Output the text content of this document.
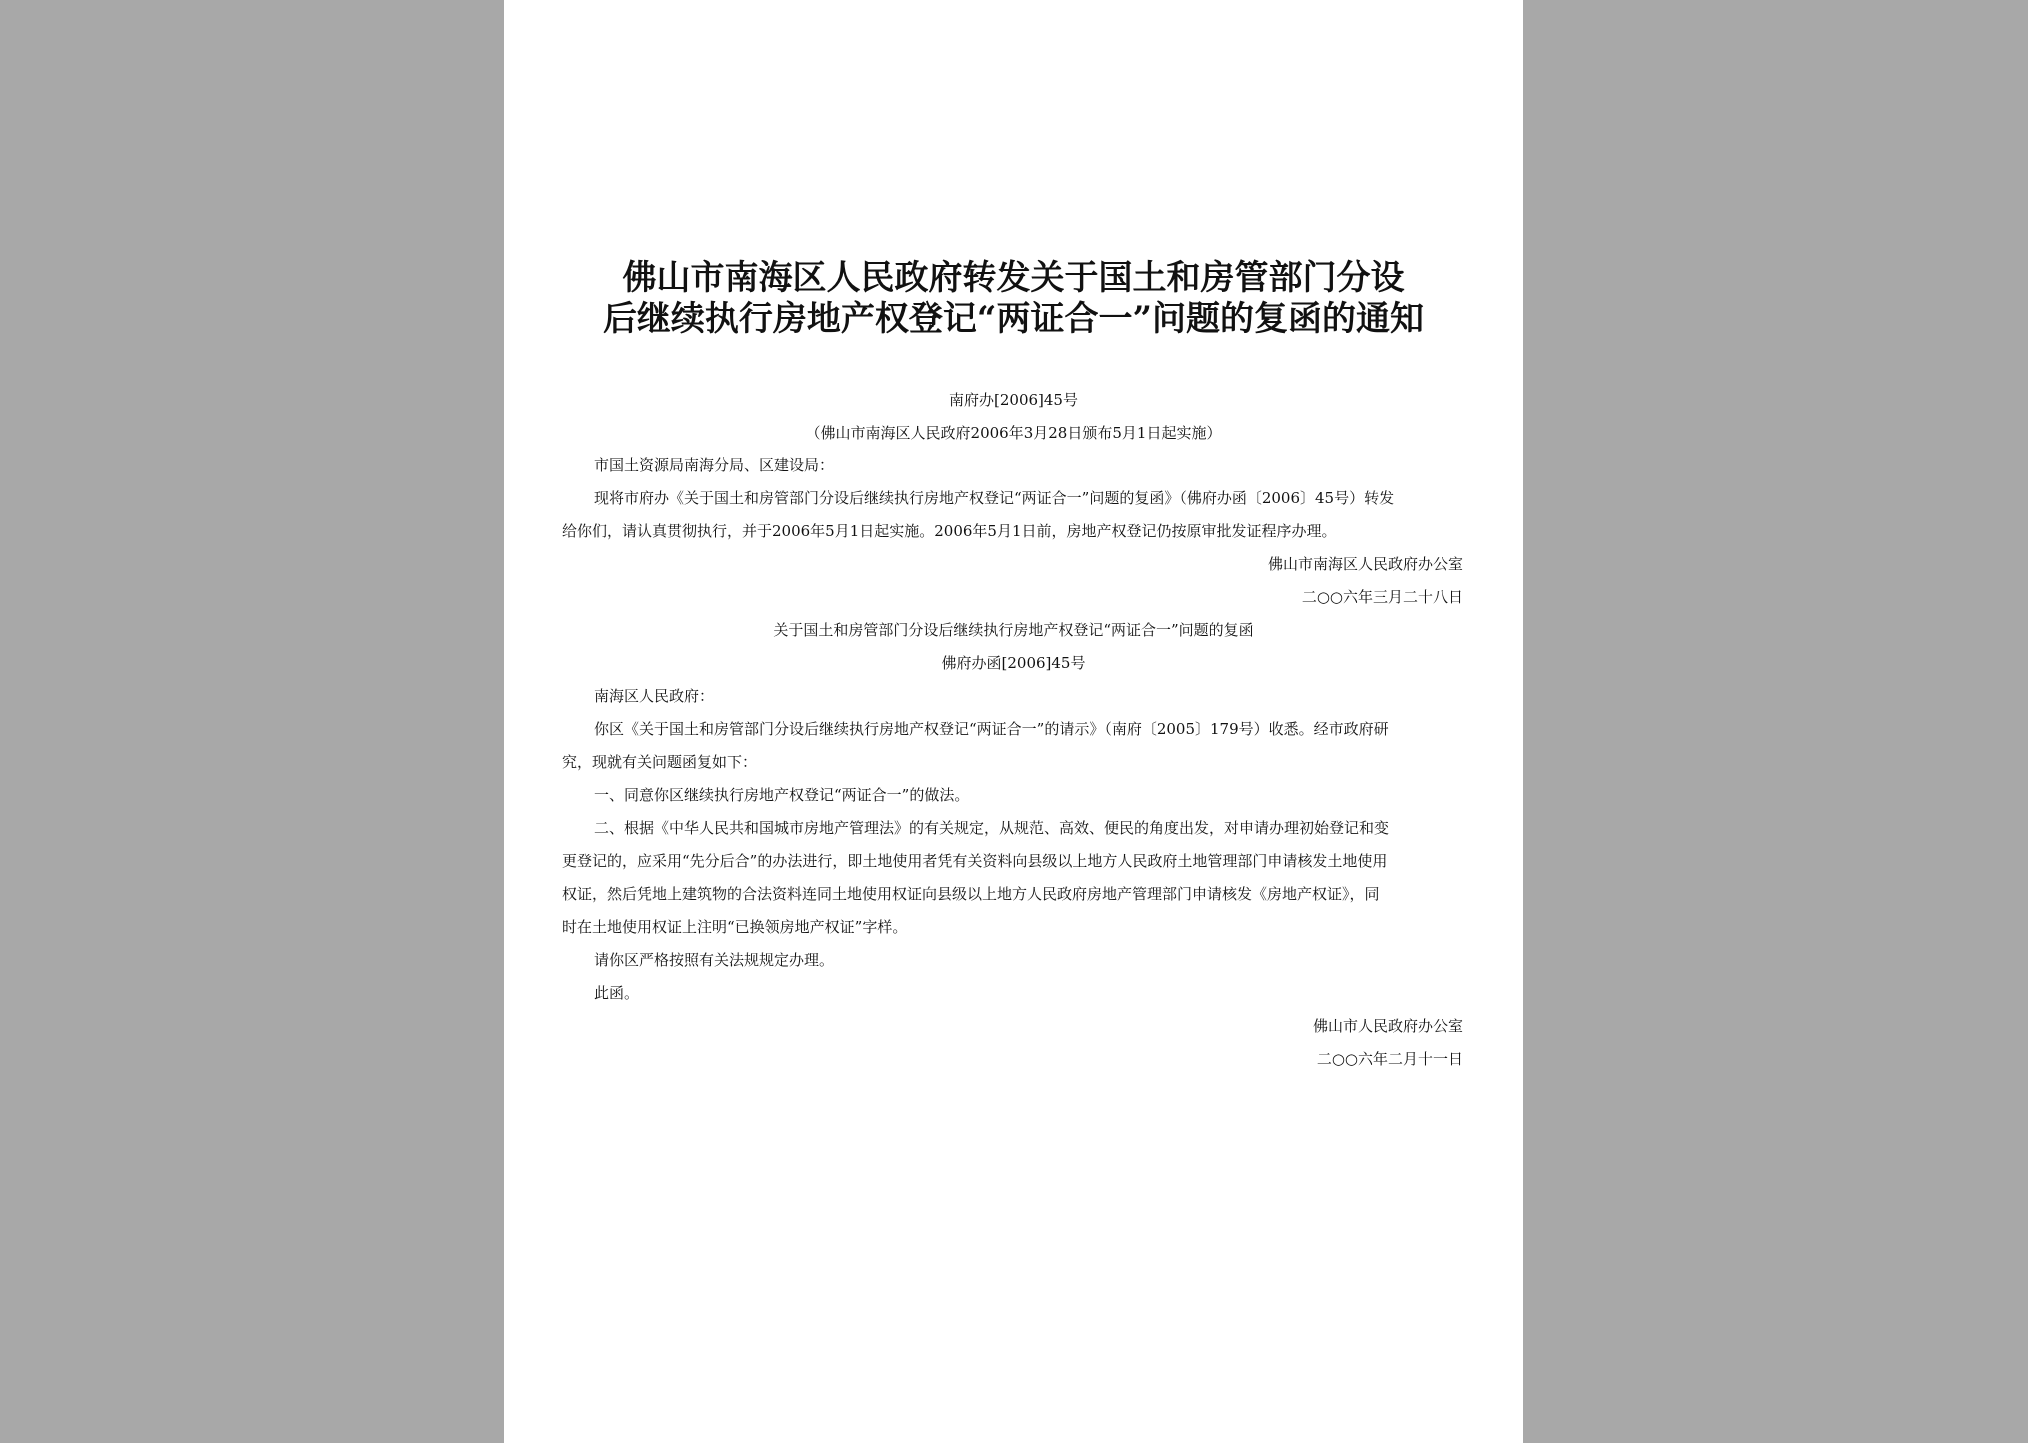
佛山市南海区人民政府转发关于国土和房管部门分设
后继续执行房地产权登记“两证合一”问题的复函的通知
南府办[2006]45号
（佛山市南海区人民政府2006年3月28日颁布5月1日起实施）
市国土资源局南海分局、区建设局：
现将市府办《关于国土和房管部门分设后继续执行房地产权登记“两证合一”问题的复函》（佛府办函〔2006〕45号）转发
给你们，请认真贯彻执行，并于2006年5月1日起实施。2006年5月1日前，房地产权登记仍按原审批发证程序办理。
佛山市南海区人民政府办公室
二○○六年三月二十八日
关于国土和房管部门分设后继续执行房地产权登记“两证合一”问题的复函
佛府办函[2006]45号
南海区人民政府：
你区《关于国土和房管部门分设后继续执行房地产权登记“两证合一”的请示》（南府〔2005〕179号）收悉。经市政府研
究，现就有关问题函复如下：
一、同意你区继续执行房地产权登记“两证合一”的做法。
二、根据《中华人民共和国城市房地产管理法》的有关规定，从规范、高效、便民的角度出发，对申请办理初始登记和变
更登记的，应采用“先分后合”的办法进行，即土地使用者凭有关资料向县级以上地方人民政府土地管理部门申请核发土地使用
权证，然后凭地上建筑物的合法资料连同土地使用权证向县级以上地方人民政府房地产管理部门申请核发《房地产权证》，同
时在土地使用权证上注明“已换领房地产权证”字样。
请你区严格按照有关法规规定办理。
此函。
佛山市人民政府办公室
二○○六年二月十一日
